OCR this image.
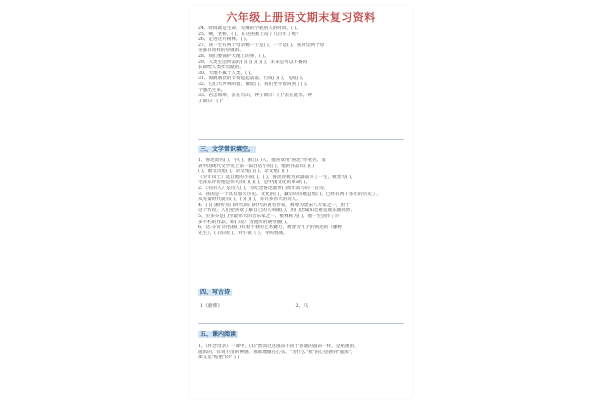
六年级上册语文期末复习资料
24、时间就是生命，无缘的空耗别人的时间，( )。
25、啊，老桥，( )，在这困难上站了几百年了呢？
26、走进这片树林，( )。
27、我一生有两个母亲她一个是( )，一个是( )，我对这两个母
亲都有同样的崇敬的。
28、我们要保护大地上的事，( )。
29、人类生活所需的( )( )( )( )( )，未来是可以不赛再
长期给人类作贡献的。
30、大地不属于人类，( )。
31、海鸥饿饮的节奏起起落落，行成( )( )，飞成( )。
32、它们大声鸣叫着，催促( )，我们坐平着回到了( )。
个强出生来。
33、岩怎如翠，去在鸟山，钟子期曰：( )"去在此水，钟
子期曰：( )"
三、文学常识填空。
1、鲁迅原名( )，字( )，浙江( )人，他喜欢用"鲁迅"作笔名，发
表中国现代文学史上第一篇白话小说( )，他的作品有( )( )
( )，散文诗集( )，杂文集( )( )，杂文集( )( )
《少年闰土》选自他的小说( )，( )，鲁迅曾被为武器战斗了一生，被誉为( )，
毛泽东评价他是伟大的( )( )( )，是中国文化的革命( )。
2、《有的人》是诗人( )，为纪念鲁迅逝世( )周年而写的一首诗。
3、我国是一个具有悠久历史、文化的( )，藏早的诗歌总集( )，已经有两千多年的历史了，
从先秦时代就有( )，( )( )( )，等许多伟大的诗人。
4、( )( )相传为( )时代的( )时代的著名作家，被尊为唐宋八大家之一，由于
这个传说，人们把喜欢了解自己的人叫做( )，用( )比喻知音难觅或乐曲高妙。
5、贝多芬是( )至最伟大的音乐家之一，被尊称为( )，他一生创作了许
多不朽的作品，如( )及广为流传的钢琴曲( )。
6、达.芬奇 的名画( )有着不衰的艺术魅力，被誉为"( )"的鲁迅的《藤野
先生》，( )等对( )，对小说《 》，寻叫赞颜。
四、写古诗
1《鹿柴》	2、马
五、课内阅读
1、《怀念母亲》一课中，(1)"然而过这滋昂不同于普通的滋昂一样，是贴重的，
滋浓的，有说不清的神感、那那地倾在心头。"为什么"我"的心里感到"滋浓"，
那又是"贴重"的？( )
